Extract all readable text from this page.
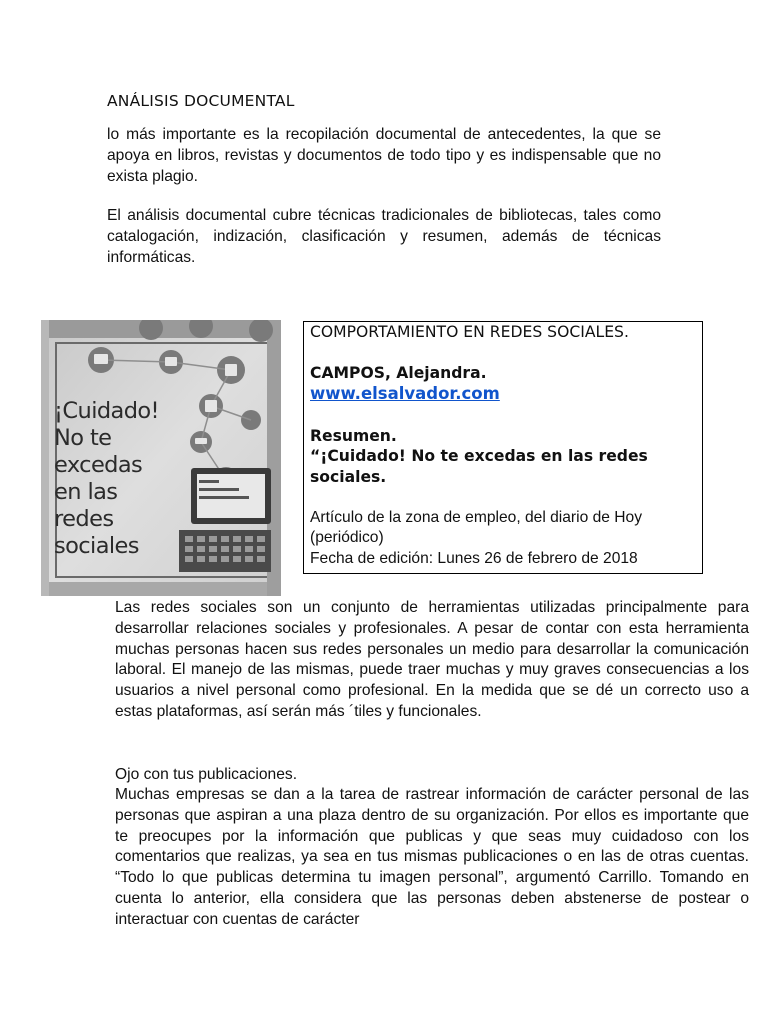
ANÁLISIS DOCUMENTAL

lo más importante es la recopilación documental de antecedentes, la que se apoya en libros, revistas y documentos de todo tipo y es indispensable que no exista plagio.

El análisis documental cubre técnicas tradicionales de bibliotecas, tales como catalogación, indización, clasificación y resumen, además de técnicas informáticas.

¡Cuidado!
No te
excedas
en las
redes
sociales
COMPORTAMIENTO EN REDES SOCIALES.
CAMPOS, Alejandra.
www.elsalvador.com
Resumen.
“¡Cuidado! No te excedas en las redes
sociales.
Artículo de la zona de empleo, del diario de Hoy
(periódico)
Fecha de edición: Lunes 26 de febrero de 2018

Las redes sociales son un conjunto de herramientas utilizadas principalmente para desarrollar relaciones sociales y profesionales. A pesar de contar con esta herramienta muchas personas hacen sus redes personales un medio para desarrollar la comunicación laboral. El manejo de las mismas, puede traer muchas y muy graves consecuencias a los usuarios a nivel personal como profesional. En la medida que se dé un correcto uso a estas plataformas, así serán más ´tiles y funcionales.

Ojo con tus publicaciones.

Muchas empresas se dan a la tarea de rastrear información de carácter personal de las personas que aspiran a una plaza dentro de su organización. Por ellos es importante que te preocupes por la información que publicas y que seas muy cuidadoso con los comentarios que realizas, ya sea en tus mismas publicaciones o en las de otras cuentas. “Todo lo que publicas determina tu imagen personal”, argumentó Carrillo. Tomando en cuenta lo anterior, ella considera que las personas deben abstenerse de postear o interactuar con cuentas de carácter
